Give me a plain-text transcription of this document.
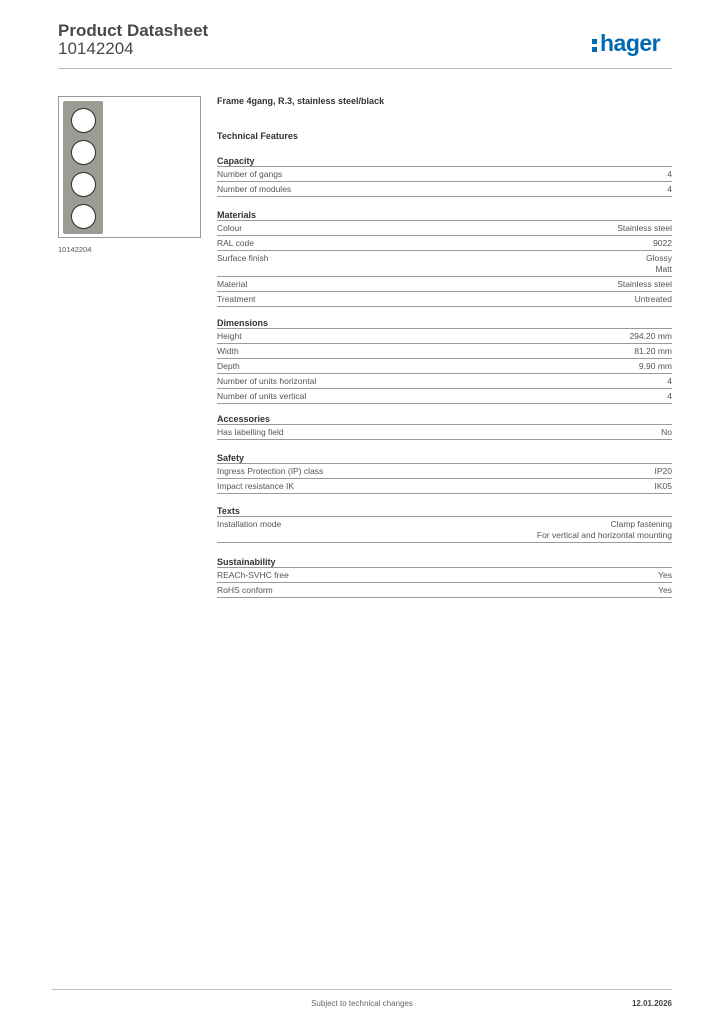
Product Datasheet
10142204	hager
10142204
Frame 4gang, R.3, stainless steel/black
Technical Features
Capacity
Number of gangs	4
Number of modules	4
Materials
Colour	Stainless steel
RAL code	9022
Surface finish	Glossy
Matt
Material	Stainless steel
Treatment	Untreated
Dimensions
Height	294.20 mm
Width	81.20 mm
Depth	9.90 mm
Number of units horizontal	4
Number of units vertical	4
Accessories
Has labelling field	No
Safety
Ingress Protection (IP) class	IP20
Impact resistance IK	IK05
Texts
Installation mode	Clamp fastening
For vertical and horizontal mounting
Sustainability
REACh-SVHC free	Yes
RoHS conform	Yes
Subject to technical changes	12.01.2026
